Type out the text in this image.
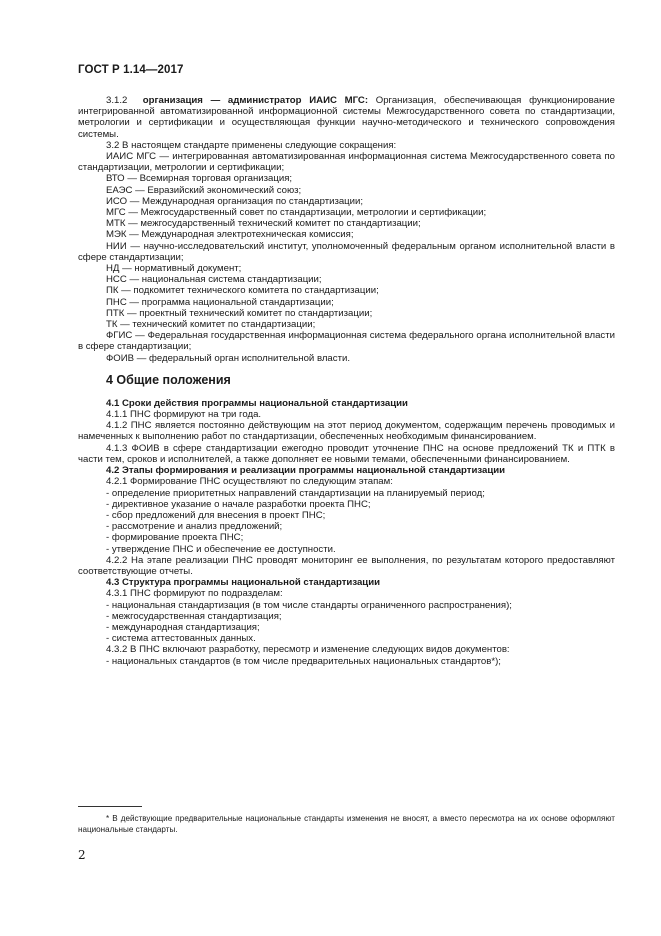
ГОСТ Р 1.14—2017

3.1.2 организация — администратор ИАИС МГС: Организация, обеспечивающая функционирование интегрированной автоматизированной информационной системы Межгосударственного совета по стандартизации, метрологии и сертификации и осуществляющая функции научно-методического и технического сопровождения системы.

3.2 В настоящем стандарте применены следующие сокращения:

ИАИС МГС — интегрированная автоматизированная информационная система Межгосударственного совета по стандартизации, метрологии и сертификации;

ВТО — Всемирная торговая организация;

ЕАЭС — Евразийский экономический союз;

ИСО — Международная организация по стандартизации;

МГС — Межгосударственный совет по стандартизации, метрологии и сертификации;

МТК — межгосударственный технический комитет по стандартизации;

МЭК — Международная электротехническая комиссия;

НИИ — научно-исследовательский институт, уполномоченный федеральным органом исполнительной власти в сфере стандартизации;

НД — нормативный документ;

НСС — национальная система стандартизации;

ПК — подкомитет технического комитета по стандартизации;

ПНС — программа национальной стандартизации;

ПТК — проектный технический комитет по стандартизации;

ТК — технический комитет по стандартизации;

ФГИС — Федеральная государственная информационная система федерального органа исполнительной власти в сфере стандартизации;

ФОИВ — федеральный орган исполнительной власти.

4 Общие положения

4.1 Сроки действия программы национальной стандартизации

4.1.1 ПНС формируют на три года.

4.1.2 ПНС является постоянно действующим на этот период документом, содержащим перечень проводимых и намеченных к выполнению работ по стандартизации, обеспеченных необходимым финансированием.

4.1.3 ФОИВ в сфере стандартизации ежегодно проводит уточнение ПНС на основе предложений ТК и ПТК в части тем, сроков и исполнителей, а также дополняет ее новыми темами, обеспеченными финансированием.

4.2 Этапы формирования и реализации программы национальной стандартизации

4.2.1 Формирование ПНС осуществляют по следующим этапам:

- определение приоритетных направлений стандартизации на планируемый период;

- директивное указание о начале разработки проекта ПНС;

- сбор предложений для внесения в проект ПНС;

- рассмотрение и анализ предложений;

- формирование проекта ПНС;

- утверждение ПНС и обеспечение ее доступности.

4.2.2 На этапе реализации ПНС проводят мониторинг ее выполнения, по результатам которого предоставляют соответствующие отчеты.

4.3 Структура программы национальной стандартизации

4.3.1 ПНС формируют по подразделам:

- национальная стандартизация (в том числе стандарты ограниченного распространения);

- межгосударственная стандартизация;

- международная стандартизация;

- система аттестованных данных.

4.3.2 В ПНС включают разработку, пересмотр и изменение следующих видов документов:

- национальных стандартов (в том числе предварительных национальных стандартов*);

* В действующие предварительные национальные стандарты изменения не вносят, а вместо пересмотра на их основе оформляют национальные стандарты.
2
